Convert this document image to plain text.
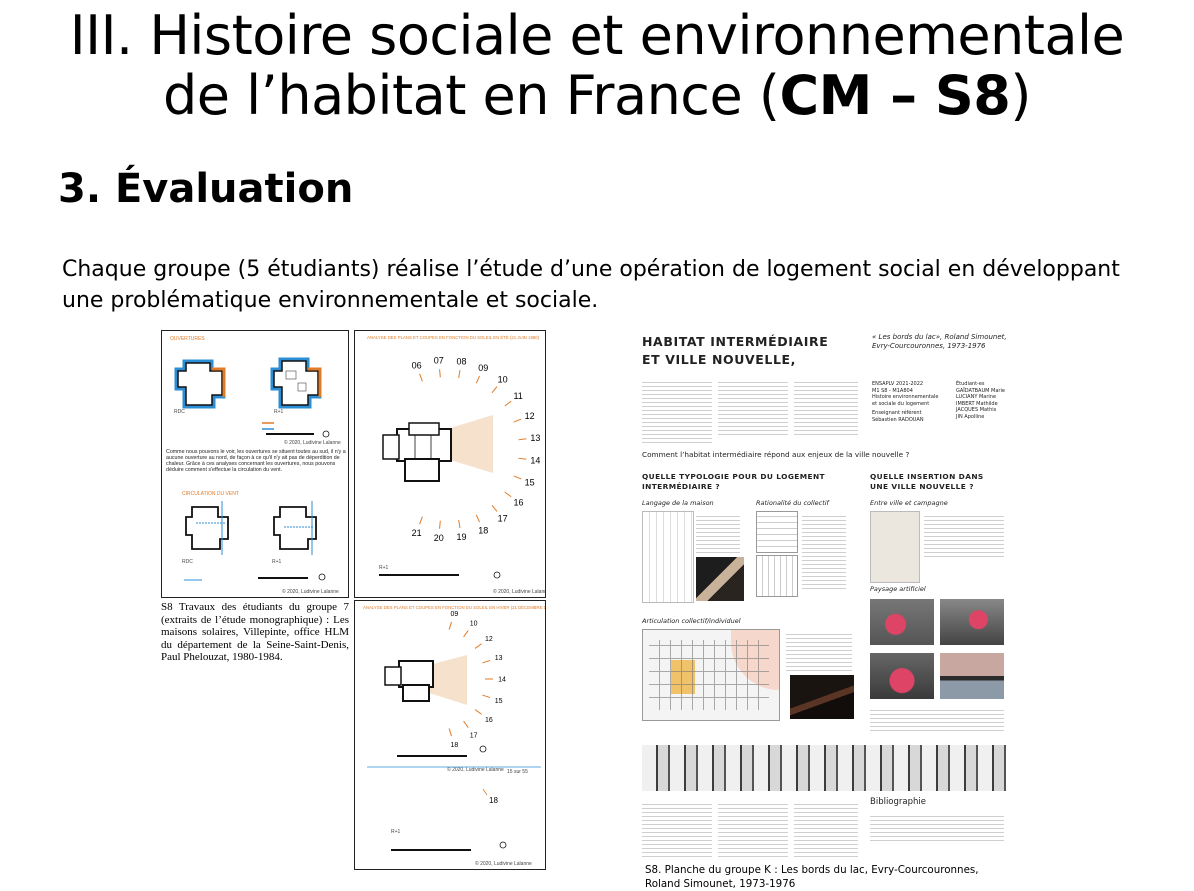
III. Histoire sociale et environnementale
de l’habitat en France (CM – S8)
3. Évaluation
Chaque groupe (5 étudiants) réalise l’étude d’une opération de logement social en développant une problématique environnementale et sociale.
OUVERTURES
RDC	R+1
© 2020, Ludivine Lalanne
Comme nous pouvons le voir, les ouvertures se situent toutes au sud, il n'y a aucune ouverture au nord, de façon à ce qu'il n'y ait pas de déperdition de chaleur. Grâce à ces analyses concernant les ouvertures, nous pouvons déduire comment s'effectue la circulation du vent.
CIRCULATION DU VENT
RDC	R+1
© 2020, Ludivine Lalanne
ANALYSE DES PLANS ET COUPES EN FONCTION DU SOLEIL EN ÉTÉ (21 JUIN 1980)
06 07 08
09
10
11
12
13
14
15
16
17
18
19
20
21
R+1
© 2020, Ludivine Lalanne
ANALYSE DES PLANS ET COUPES EN FONCTION DU SOLEIL EN HIVER (21 DÉCEMBRE 1980)
09
10
12
13
14
15
16
17
18
© 2020, Ludivine Lalanne 15 sur 55
18
R+1
© 2020, Ludivine Lalanne
S8 Travaux des étudiants du groupe 7 (extraits de l’étude monographique) : Les maisons solaires, Villepinte, office HLM du département de la Seine-Saint-Denis, Paul Phelouzat, 1980-1984.
HABITAT INTERMÉDIAIRE ET VILLE NOUVELLE,
« Les bords du lac», Roland Simounet, Evry-Courcouronnes, 1973-1976
ENSAPLV 2021-2022
M1 S8 - M1A804
Histoire environnementale et sociale du logement
Enseignant référent
Sébastien RADOUAN
Étudiant-es
GAÏDATBAUM Marie
LUCIANY Marine
IMBERT Mathilde
JACQUES Mathis
JIN Apolline
Comment l’habitat intermédiaire répond aux enjeux de la ville nouvelle ?
QUELLE TYPOLOGIE POUR DU LOGEMENT INTERMÉDIAIRE ?
QUELLE INSERTION DANS UNE VILLE NOUVELLE ?
Langage de la maison	Rationalité du collectif	Entre ville et campagne
Articulation collectif/individuel
Paysage artificiel
Bibliographie
S8. Planche du groupe K : Les bords du lac, Evry-Courcouronnes, Roland Simounet, 1973-1976
